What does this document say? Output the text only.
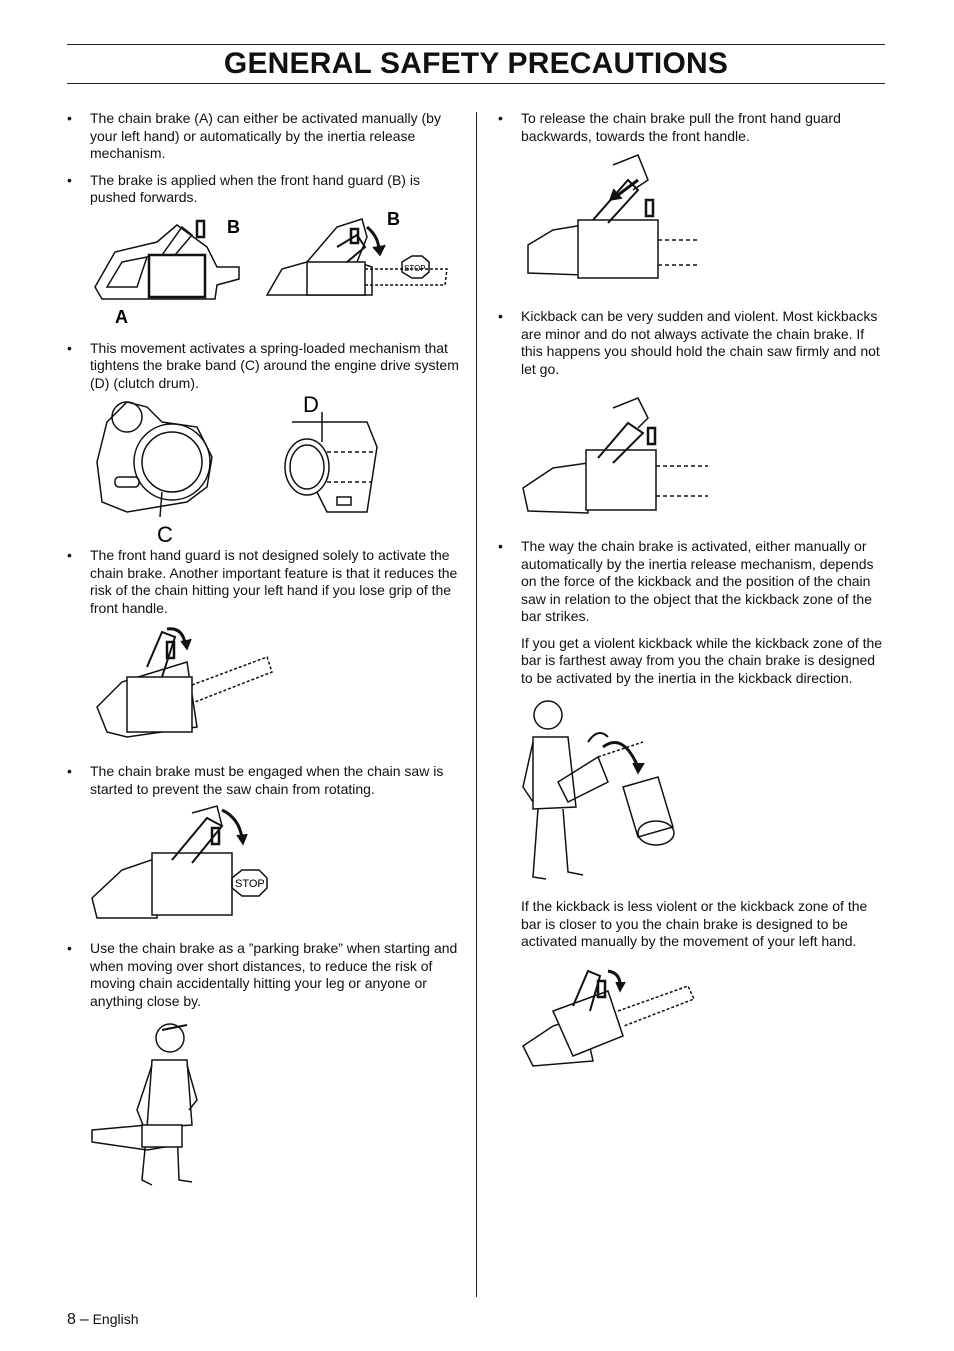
GENERAL SAFETY PRECAUTIONS

• The chain brake (A) can either be activated manually (by your left hand) or automatically by the inertia release mechanism.

• The brake is applied when the front hand guard (B) is pushed forwards.

B	B
A
STOP

• This movement activates a spring-loaded mechanism that tightens the brake band (C) around the engine drive system (D) (clutch drum).

D
C

• The front hand guard is not designed solely to activate the chain brake. Another important feature is that it reduces the risk of the chain hitting your left hand if you lose grip of the front handle.

• The chain brake must be engaged when the chain saw is started to prevent the saw chain from rotating.

STOP

• Use the chain brake as a ”parking brake” when starting and when moving over short distances, to reduce the risk of moving chain accidentally hitting your leg or anyone or anything close by.

• To release the chain brake pull the front hand guard backwards, towards the front handle.

• Kickback can be very sudden and violent. Most kickbacks are minor and do not always activate the chain brake. If this happens you should hold the chain saw firmly and not let go.

• The way the chain brake is activated, either manually or automatically by the inertia release mechanism, depends on the force of the kickback and the position of the chain saw in relation to the object that the kickback zone of the bar strikes.

If you get a violent kickback while the kickback zone of the bar is farthest away from you the chain brake is designed to be activated by the inertia in the kickback direction.

If the kickback is less violent or the kickback zone of the bar is closer to you the chain brake is designed to be activated manually by the movement of your left hand.

8 – English
